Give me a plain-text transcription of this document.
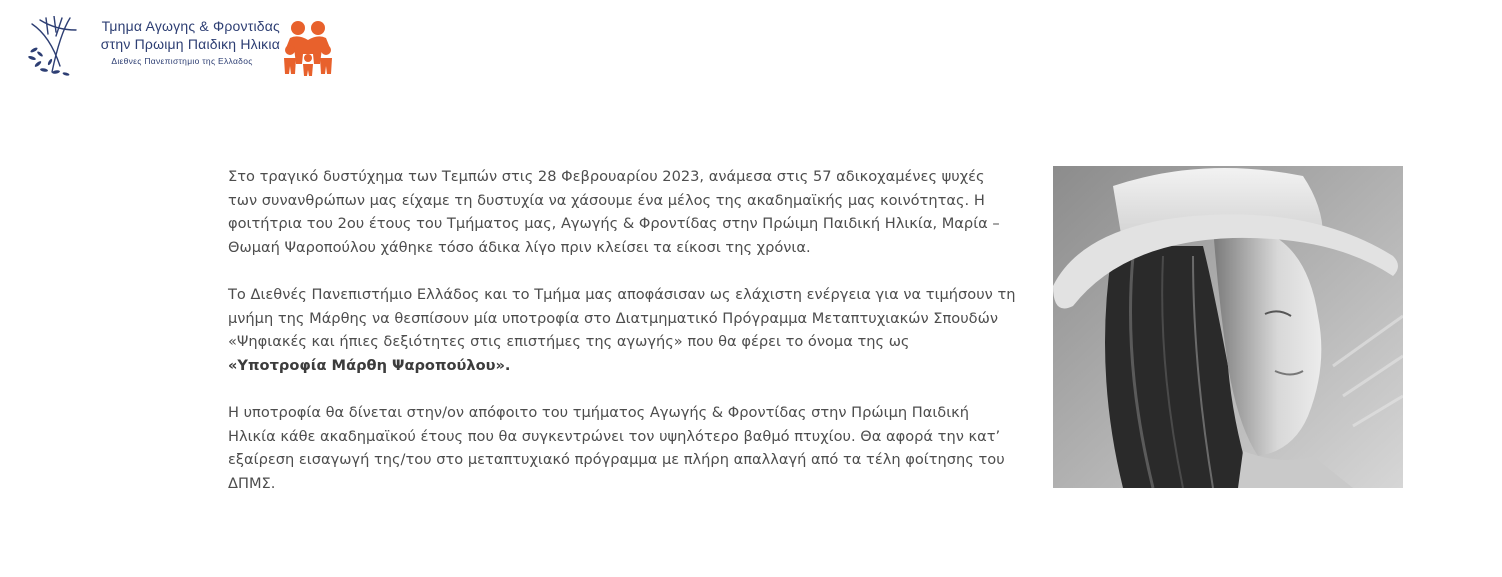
Τμημα Αγωγης & Φροντιδας
στην Πρωιμη Παιδικη Ηλικια
Διεθνες Πανεπιστημιο της Ελλαδος

Στο τραγικό δυστύχημα των Τεμπών στις 28 Φεβρουαρίου 2023, ανάμεσα στις 57 αδικοχαμένες ψυχές των συνανθρώπων μας είχαμε τη δυστυχία να χάσουμε ένα μέλος της ακαδημαϊκής μας κοινότητας. Η φοιτήτρια του 2ου έτους του Τμήματος μας, Αγωγής & Φροντίδας στην Πρώιμη Παιδική Ηλικία, Μαρία – Θωμαή Ψαροπούλου χάθηκε τόσο άδικα λίγο πριν κλείσει τα είκοσι της χρόνια.

Το Διεθνές Πανεπιστήμιο Ελλάδος και το Τμήμα μας αποφάσισαν ως ελάχιστη ενέργεια για να τιμήσουν τη μνήμη της Μάρθης να θεσπίσουν μία υποτροφία στο Διατμηματικό Πρόγραμμα Μεταπτυχιακών Σπουδών «Ψηφιακές και ήπιες δεξιότητες στις επιστήμες της αγωγής» που θα φέρει το όνομα της ως
«Υποτροφία Μάρθη Ψαροπούλου».

Η υποτροφία θα δίνεται στην/ον απόφοιτο του τμήματος Αγωγής & Φροντίδας στην Πρώιμη Παιδική Ηλικία κάθε ακαδημαϊκού έτους που θα συγκεντρώνει τον υψηλότερο βαθμό πτυχίου. Θα αφορά την κατ’ εξαίρεση εισαγωγή της/του στο μεταπτυχιακό πρόγραμμα με πλήρη απαλλαγή από τα τέλη φοίτησης του ΔΠΜΣ.
